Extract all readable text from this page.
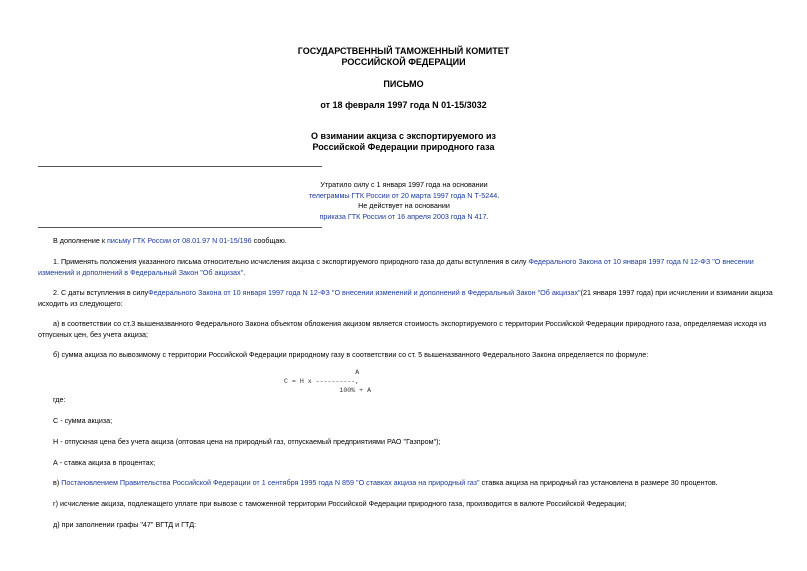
ГОСУДАРСТВЕННЫЙ ТАМОЖЕННЫЙ КОМИТЕТ
РОССИЙСКОЙ ФЕДЕРАЦИИ
ПИСЬМО
от 18 февраля 1997 года N 01-15/3032
О взимании акциза с экспортируемого из
Российской Федерации природного газа
Утратило силу с 1 января 1997 года на основании
телеграммы ГТК России от 20 марта 1997 года N Т-5244.
Не действует на основании
приказа ГТК России от 16 апреля 2003 года N 417.
В дополнение к письму ГТК России от 08.01.97 N 01-15/196 сообщаю.
1. Применять положения указанного письма относительно исчисления акциза с экспортируемого природного газа до даты вступления в силу Федерального Закона от 10 января 1997 года N 12-ФЗ "О внесении изменений и дополнений в Федеральный Закон "Об акцизах".
2. С даты вступления в силуФедерального Закона от 10 января 1997 года N 12-ФЗ "О внесении изменений и дополнений в Федеральный Закон "Об акцизах"(21 января 1997 года) при исчислении и взимании акциза исходить из следующего:
а) в соответствии со ст.3 вышеназванного Федерального Закона объектом обложения акцизом является стоимость экспортируемого с территории Российской Федерации природного газа, определяемая исходя из отпускных цен, без учета акциза;
б) сумма акциза по вывозимому с территории Российской Федерации природному газу в соответствии со ст. 5 вышеназванного Федерального Закона определяется по формуле:
А
С = Н х ----------,
100% + А
где:
С - сумма акциза;
Н - отпускная цена без учета акциза (оптовая цена на природный газ, отпускаемый предприятиями РАО "Газпром");
А - ставка акциза в процентах;
в) Постановлением Правительства Российской Федерации от 1 сентября 1995 года N 859 "О ставках акциза на природный газ" ставка акциза на природный газ установлена в размере 30 процентов.
г) исчисление акциза, подлежащего уплате при вывозе с таможенной территории Российской Федерации природного газа, производится в валюте Российской Федерации;
д) при заполнении графы "47" ВГТД и ГТД:
